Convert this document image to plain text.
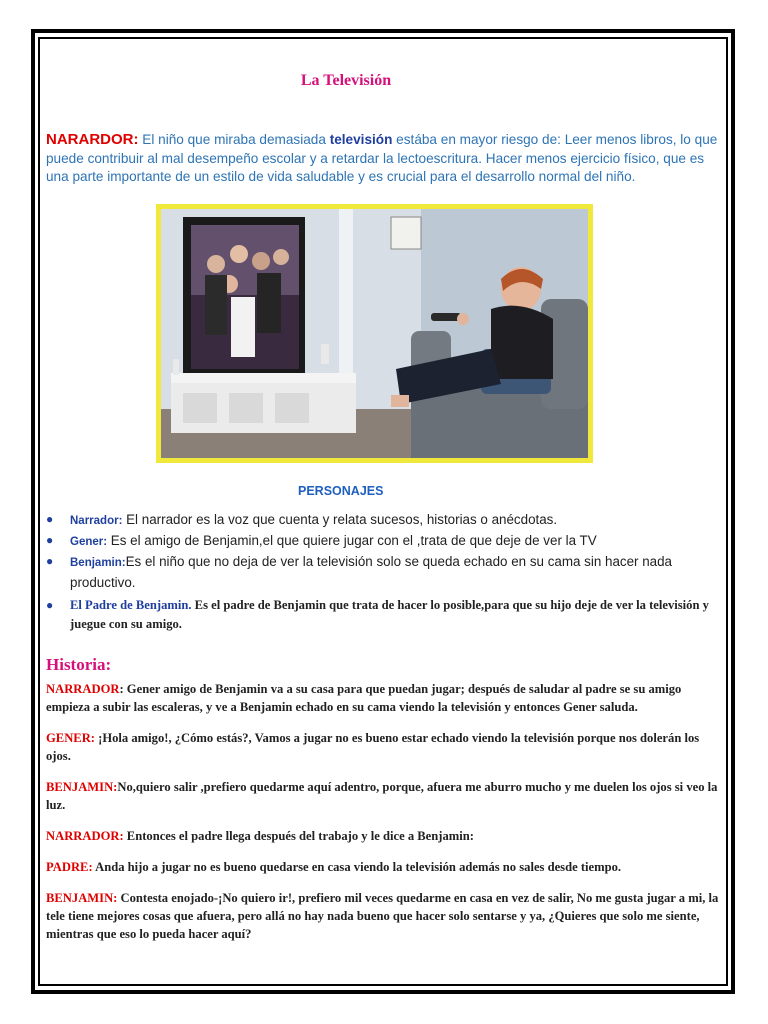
La Televisión
NARARDOR: El niño que miraba demasiada televisión estába en mayor riesgo de: Leer menos libros, lo que puede contribuir al mal desempeño escolar y a retardar la lectoescritura. Hacer menos ejercicio físico, que es una parte importante de un estilo de vida saludable y es crucial para el desarrollo normal del niño.
PERSONAJES
● Narrador: El narrador es la voz que cuenta y relata sucesos, historias o anécdotas.
● Gener: Es el amigo de Benjamin,el que quiere jugar con el ,trata de que deje de ver la TV
● Benjamin:Es el niño que no deja de ver la televisión solo se queda echado en su cama sin hacer nada productivo.
● El Padre de Benjamin. Es el padre de Benjamin que trata de hacer lo posible,para que su hijo deje de ver la televisión y juegue con su amigo.
Historia:

NARRADOR: Gener amigo de Benjamin va a su casa para que puedan jugar; después de saludar al padre se su amigo empieza a subir las escaleras, y ve a Benjamin echado en su cama viendo la televisión y entonces Gener saluda.

GENER: ¡Hola amigo!, ¿Cómo estás?, Vamos a jugar no es bueno estar echado viendo la televisión porque nos dolerán los ojos.

BENJAMIN:No,quiero salir ,prefiero quedarme aquí adentro, porque, afuera me aburro mucho y me duelen los ojos si veo la luz.

NARRADOR: Entonces el padre llega después del trabajo y le dice a Benjamin:

PADRE: Anda hijo a jugar no es bueno quedarse en casa viendo la televisión además no sales desde tiempo.

BENJAMIN: Contesta enojado-¡No quiero ir!, prefiero mil veces quedarme en casa en vez de salir, No me gusta jugar a mi, la tele tiene mejores cosas que afuera, pero allá no hay nada bueno que hacer solo sentarse y ya, ¿Quieres que solo me siente, mientras que eso lo pueda hacer aquí?
